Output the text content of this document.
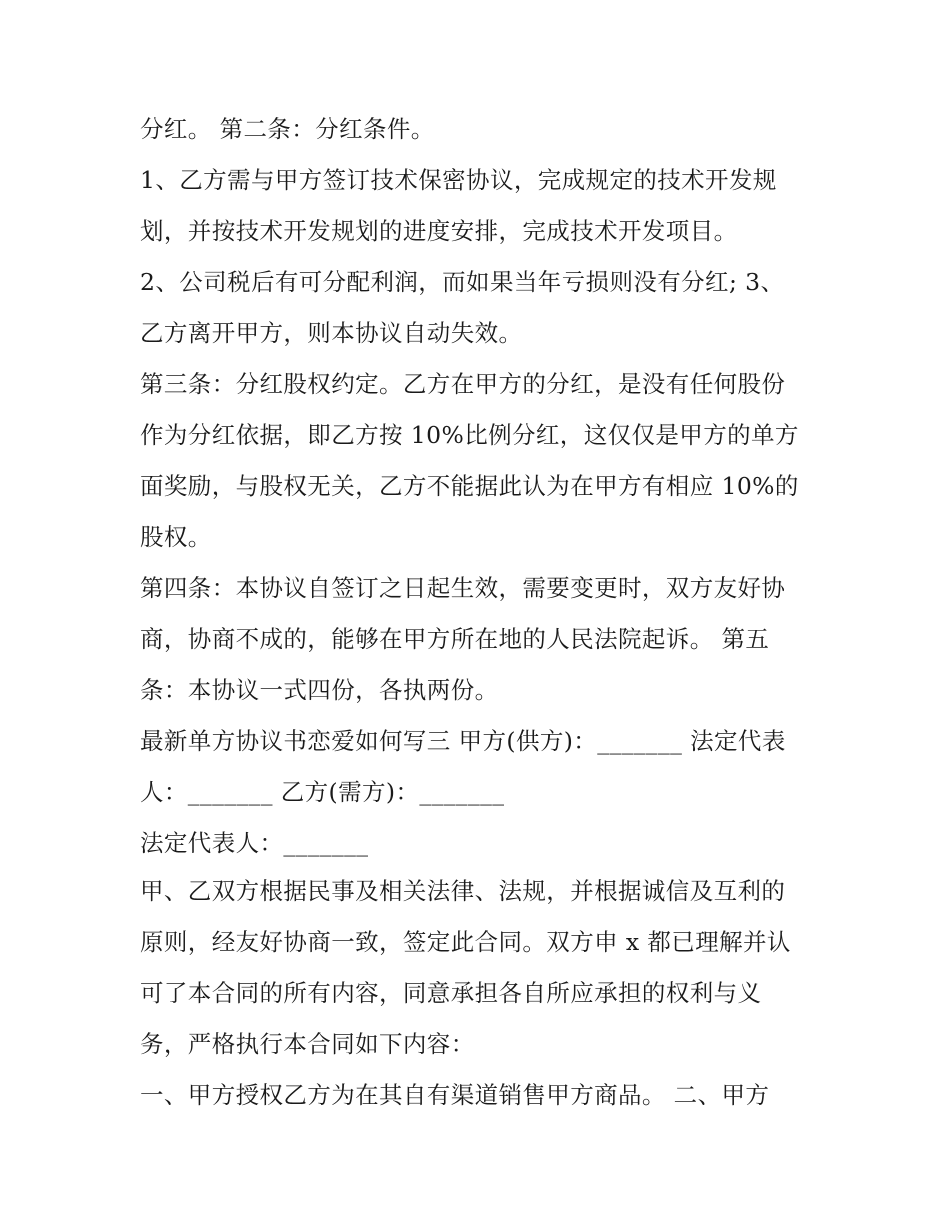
分红。 第二条：分红条件。
1、乙方需与甲方签订技术保密协议，完成规定的技术开发规
划，并按技术开发规划的进度安排，完成技术开发项目。
2、公司税后有可分配利润，而如果当年亏损则没有分红; 3、
乙方离开甲方，则本协议自动失效。
第三条：分红股权约定。乙方在甲方的分红，是没有任何股份
作为分红依据，即乙方按 10%比例分红，这仅仅是甲方的单方
面奖励，与股权无关，乙方不能据此认为在甲方有相应 10%的
股权。
第四条：本协议自签订之日起生效，需要变更时，双方友好协
商，协商不成的，能够在甲方所在地的人民法院起诉。 第五
条：本协议一式四份，各执两份。
最新单方协议书恋爱如何写三 甲方(供方)：_______ 法定代表
人：_______ 乙方(需方)：_______
法定代表人：_______
甲、乙双方根据民事及相关法律、法规，并根据诚信及互利的
原则，经友好协商一致，签定此合同。双方申 x 都已理解并认
可了本合同的所有内容，同意承担各自所应承担的权利与义
务，严格执行本合同如下内容：
一、甲方授权乙方为在其自有渠道销售甲方商品。 二、甲方
